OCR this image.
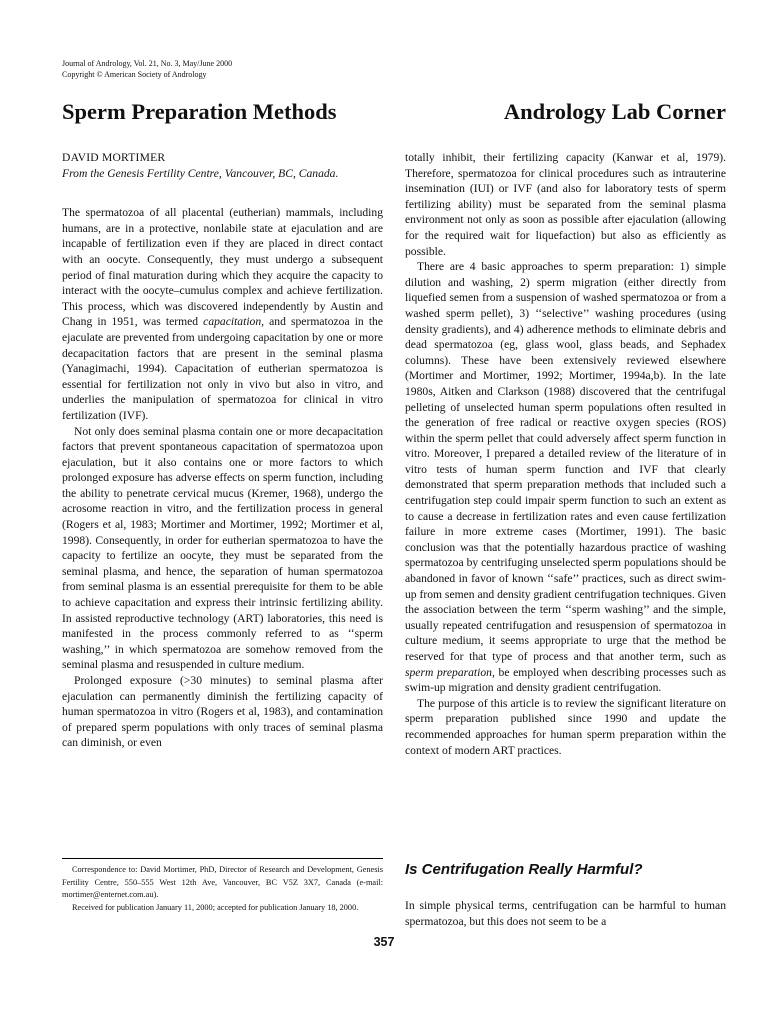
Journal of Andrology, Vol. 21, No. 3, May/June 2000
Copyright © American Society of Andrology
Sperm Preparation Methods	Andrology Lab Corner

DAVID MORTIMER

From the Genesis Fertility Centre, Vancouver, BC, Canada.

The spermatozoa of all placental (eutherian) mammals, including humans, are in a protective, nonlabile state at ejaculation and are incapable of fertilization even if they are placed in direct contact with an oocyte. Consequently, they must undergo a subsequent period of final maturation during which they acquire the capacity to interact with the oocyte–cumulus complex and achieve fertilization. This process, which was discovered independently by Austin and Chang in 1951, was termed capacitation, and spermatozoa in the ejaculate are prevented from undergoing capacitation by one or more decapacitation factors that are present in the seminal plasma (Yanagimachi, 1994). Capacitation of eutherian spermatozoa is essential for fertilization not only in vivo but also in vitro, and underlies the manipulation of spermatozoa for clinical in vitro fertilization (IVF).

Not only does seminal plasma contain one or more decapacitation factors that prevent spontaneous capacitation of spermatozoa upon ejaculation, but it also contains one or more factors to which prolonged exposure has adverse effects on sperm function, including the ability to penetrate cervical mucus (Kremer, 1968), undergo the acrosome reaction in vitro, and the fertilization process in general (Rogers et al, 1983; Mortimer and Mortimer, 1992; Mortimer et al, 1998). Consequently, in order for eutherian spermatozoa to have the capacity to fertilize an oocyte, they must be separated from the seminal plasma, and hence, the separation of human spermatozoa from seminal plasma is an essential prerequisite for them to be able to achieve capacitation and express their intrinsic fertilizing ability. In assisted reproductive technology (ART) laboratories, this need is manifested in the process commonly referred to as ‘‘sperm washing,’’ in which spermatozoa are somehow removed from the seminal plasma and resuspended in culture medium.

Prolonged exposure (>30 minutes) to seminal plasma after ejaculation can permanently diminish the fertilizing capacity of human spermatozoa in vitro (Rogers et al, 1983), and contamination of prepared sperm populations with only traces of seminal plasma can diminish, or even

Correspondence to: David Mortimer, PhD, Director of Research and Development, Genesis Fertility Centre, 550–555 West 12th Ave, Vancouver, BC V5Z 3X7, Canada (e-mail: mortimer@enternet.com.au).

Received for publication January 11, 2000; accepted for publication January 18, 2000.

totally inhibit, their fertilizing capacity (Kanwar et al, 1979). Therefore, spermatozoa for clinical procedures such as intrauterine insemination (IUI) or IVF (and also for laboratory tests of sperm fertilizing ability) must be separated from the seminal plasma environment not only as soon as possible after ejaculation (allowing for the required wait for liquefaction) but also as efficiently as possible.

There are 4 basic approaches to sperm preparation: 1) simple dilution and washing, 2) sperm migration (either directly from liquefied semen from a suspension of washed spermatozoa or from a washed sperm pellet), 3) ‘‘selective’’ washing procedures (using density gradients), and 4) adherence methods to eliminate debris and dead spermatozoa (eg, glass wool, glass beads, and Sephadex columns). These have been extensively reviewed elsewhere (Mortimer and Mortimer, 1992; Mortimer, 1994a,b). In the late 1980s, Aitken and Clarkson (1988) discovered that the centrifugal pelleting of unselected human sperm populations often resulted in the generation of free radical or reactive oxygen species (ROS) within the sperm pellet that could adversely affect sperm function in vitro. Moreover, I prepared a detailed review of the literature of in vitro tests of human sperm function and IVF that clearly demonstrated that sperm preparation methods that included such a centrifugation step could impair sperm function to such an extent as to cause a decrease in fertilization rates and even cause fertilization failure in more extreme cases (Mortimer, 1991). The basic conclusion was that the potentially hazardous practice of washing spermatozoa by centrifuging unselected sperm populations should be abandoned in favor of known ‘‘safe’’ practices, such as direct swim-up from semen and density gradient centrifugation techniques. Given the association between the term ‘‘sperm washing’’ and the simple, usually repeated centrifugation and resuspension of spermatozoa in culture medium, it seems appropriate to urge that the method be reserved for that type of process and that another term, such as sperm preparation, be employed when describing processes such as swim-up migration and density gradient centrifugation.

The purpose of this article is to review the significant literature on sperm preparation published since 1990 and update the recommended approaches for human sperm preparation within the context of modern ART practices.

Is Centrifugation Really Harmful?

In simple physical terms, centrifugation can be harmful to human spermatozoa, but this does not seem to be a

357
